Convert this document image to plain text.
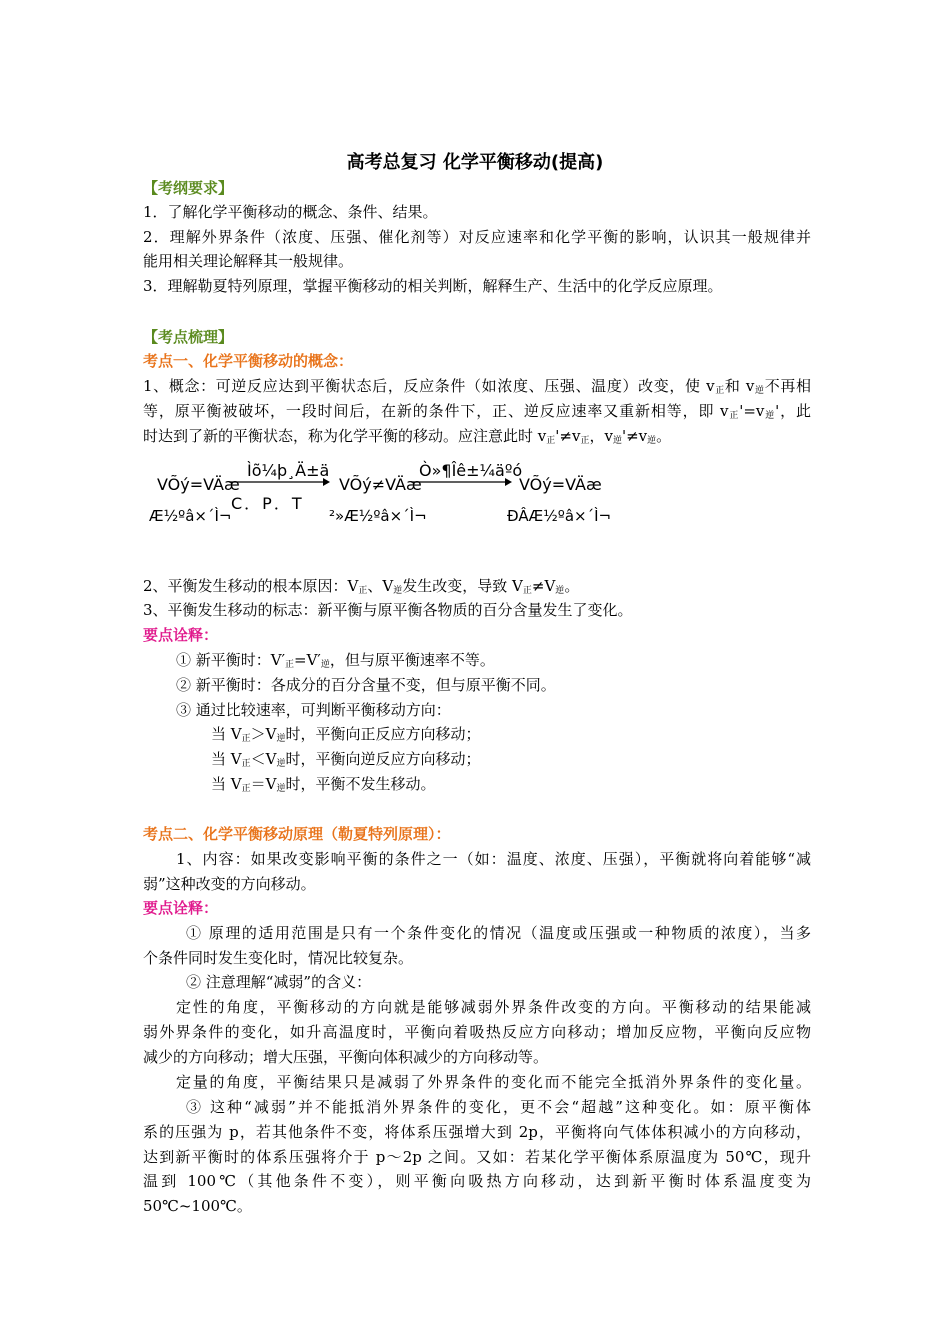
高考总复习 化学平衡移动(提高)
【考纲要求】
1．了解化学平衡移动的概念、条件、结果。
2．理解外界条件（浓度、压强、催化剂等）对反应速率和化学平衡的影响，认识其一般规律并
能用相关理论解释其一般规律。
3．理解勒夏特列原理，掌握平衡移动的相关判断，解释生产、生活中的化学反应原理。
【考点梳理】
考点一、化学平衡移动的概念：
1、概念：可逆反应达到平衡状态后，反应条件（如浓度、压强、温度）改变，使 $v_正$和 $v_逆$不再相
等，原平衡被破坏，一段时间后，在新的条件下，正、逆反应速率又重新相等，即 $v_正'=v_逆'$，此
时达到了新的平衡状态，称为化学平衡的移动。应注意此时 $v_正'\ne v_正$，$v_逆'\ne v_逆$。
VÕý=VÄæ
Æ½ºâ×´Ì¬
Ìõ¼þ¸Ä±ä
C．P．T
VÕý≠VÄæ
²»Æ½ºâ×´Ì¬
Ò»¶Îê±¼äºó
VÕý=VÄæ
ÐÂÆ½ºâ×´Ì¬
2、平衡发生移动的根本原因：$V_正$、$V_逆$发生改变，导致 $V_正\ne V_逆$。
3、平衡发生移动的标志：新平衡与原平衡各物质的百分含量发生了变化。
要点诠释：
① 新平衡时：$V'_正=V'_逆$，但与原平衡速率不等。
② 新平衡时：各成分的百分含量不变，但与原平衡不同。
③ 通过比较速率，可判断平衡移动方向：
当 $V_正>V_逆$时，平衡向正反应方向移动；
当 $V_正<V_逆$时，平衡向逆反应方向移动；
当 $V_正=V_逆$时，平衡不发生移动。
考点二、化学平衡移动原理（勒夏特列原理）：
1、内容：如果改变影响平衡的条件之一（如：温度、浓度、压强），平衡就将向着能够“减
弱”这种改变的方向移动。
要点诠释：
① 原理的适用范围是只有一个条件变化的情况（温度或压强或一种物质的浓度），当多
个条件同时发生变化时，情况比较复杂。
② 注意理解“减弱”的含义：
定性的角度，平衡移动的方向就是能够减弱外界条件改变的方向。平衡移动的结果能减
弱外界条件的变化，如升高温度时，平衡向着吸热反应方向移动；增加反应物，平衡向反应物
减少的方向移动；增大压强，平衡向体积减少的方向移动等。
定量的角度，平衡结果只是减弱了外界条件的变化而不能完全抵消外界条件的变化量。
③ 这种“减弱”并不能抵消外界条件的变化，更不会“超越”这种变化。如：原平衡体
系的压强为 p，若其他条件不变，将体系压强增大到 2p，平衡将向气体体积减小的方向移动，
达到新平衡时的体系压强将介于 p～2p 之间。又如：若某化学平衡体系原温度为 50℃，现升
温到 100℃（其他条件不变），则平衡向吸热方向移动，达到新平衡时体系温度变为
50℃~100℃。
